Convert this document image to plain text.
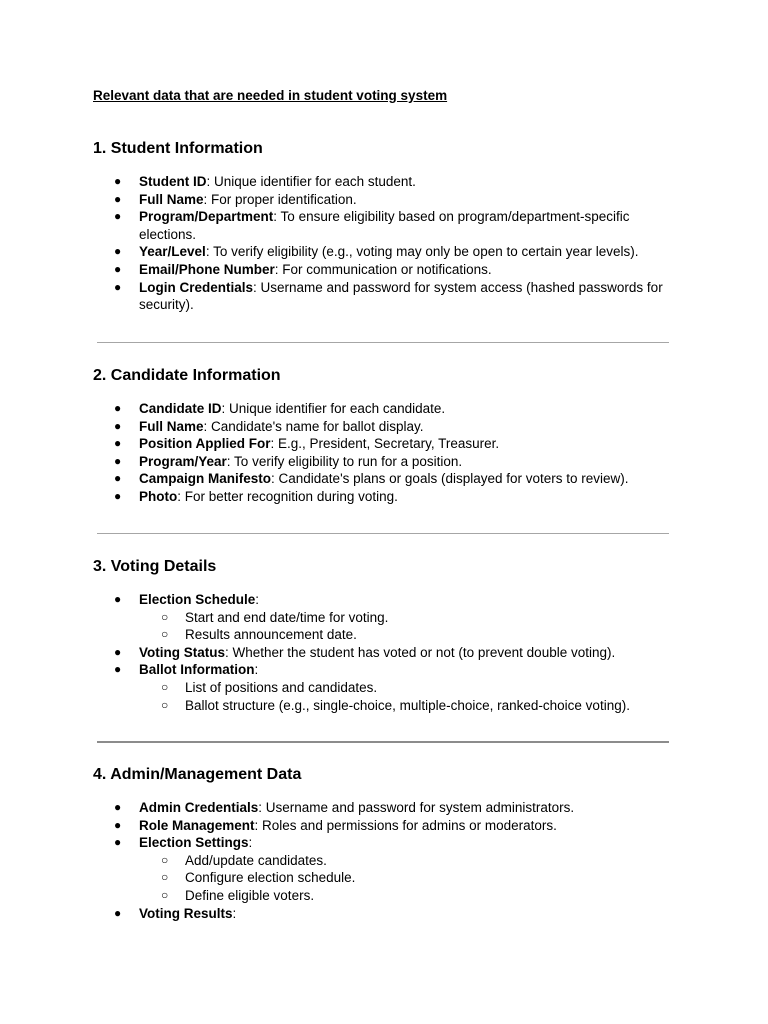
Relevant data that are needed in student voting system

1. Student Information
● Student ID: Unique identifier for each student.
● Full Name: For proper identification.
● Program/Department: To ensure eligibility based on program/department-specific elections.
● Year/Level: To verify eligibility (e.g., voting may only be open to certain year levels).
● Email/Phone Number: For communication or notifications.
● Login Credentials: Username and password for system access (hashed passwords for security).
2. Candidate Information
● Candidate ID: Unique identifier for each candidate.
● Full Name: Candidate's name for ballot display.
● Position Applied For: E.g., President, Secretary, Treasurer.
● Program/Year: To verify eligibility to run for a position.
● Campaign Manifesto: Candidate's plans or goals (displayed for voters to review).
● Photo: For better recognition during voting.
3. Voting Details
● Election Schedule:
○ Start and end date/time for voting.
○ Results announcement date.
● Voting Status: Whether the student has voted or not (to prevent double voting).
● Ballot Information:
○ List of positions and candidates.
○ Ballot structure (e.g., single-choice, multiple-choice, ranked-choice voting).
4. Admin/Management Data
● Admin Credentials: Username and password for system administrators.
● Role Management: Roles and permissions for admins or moderators.
● Election Settings:
○ Add/update candidates.
○ Configure election schedule.
○ Define eligible voters.
● Voting Results:
